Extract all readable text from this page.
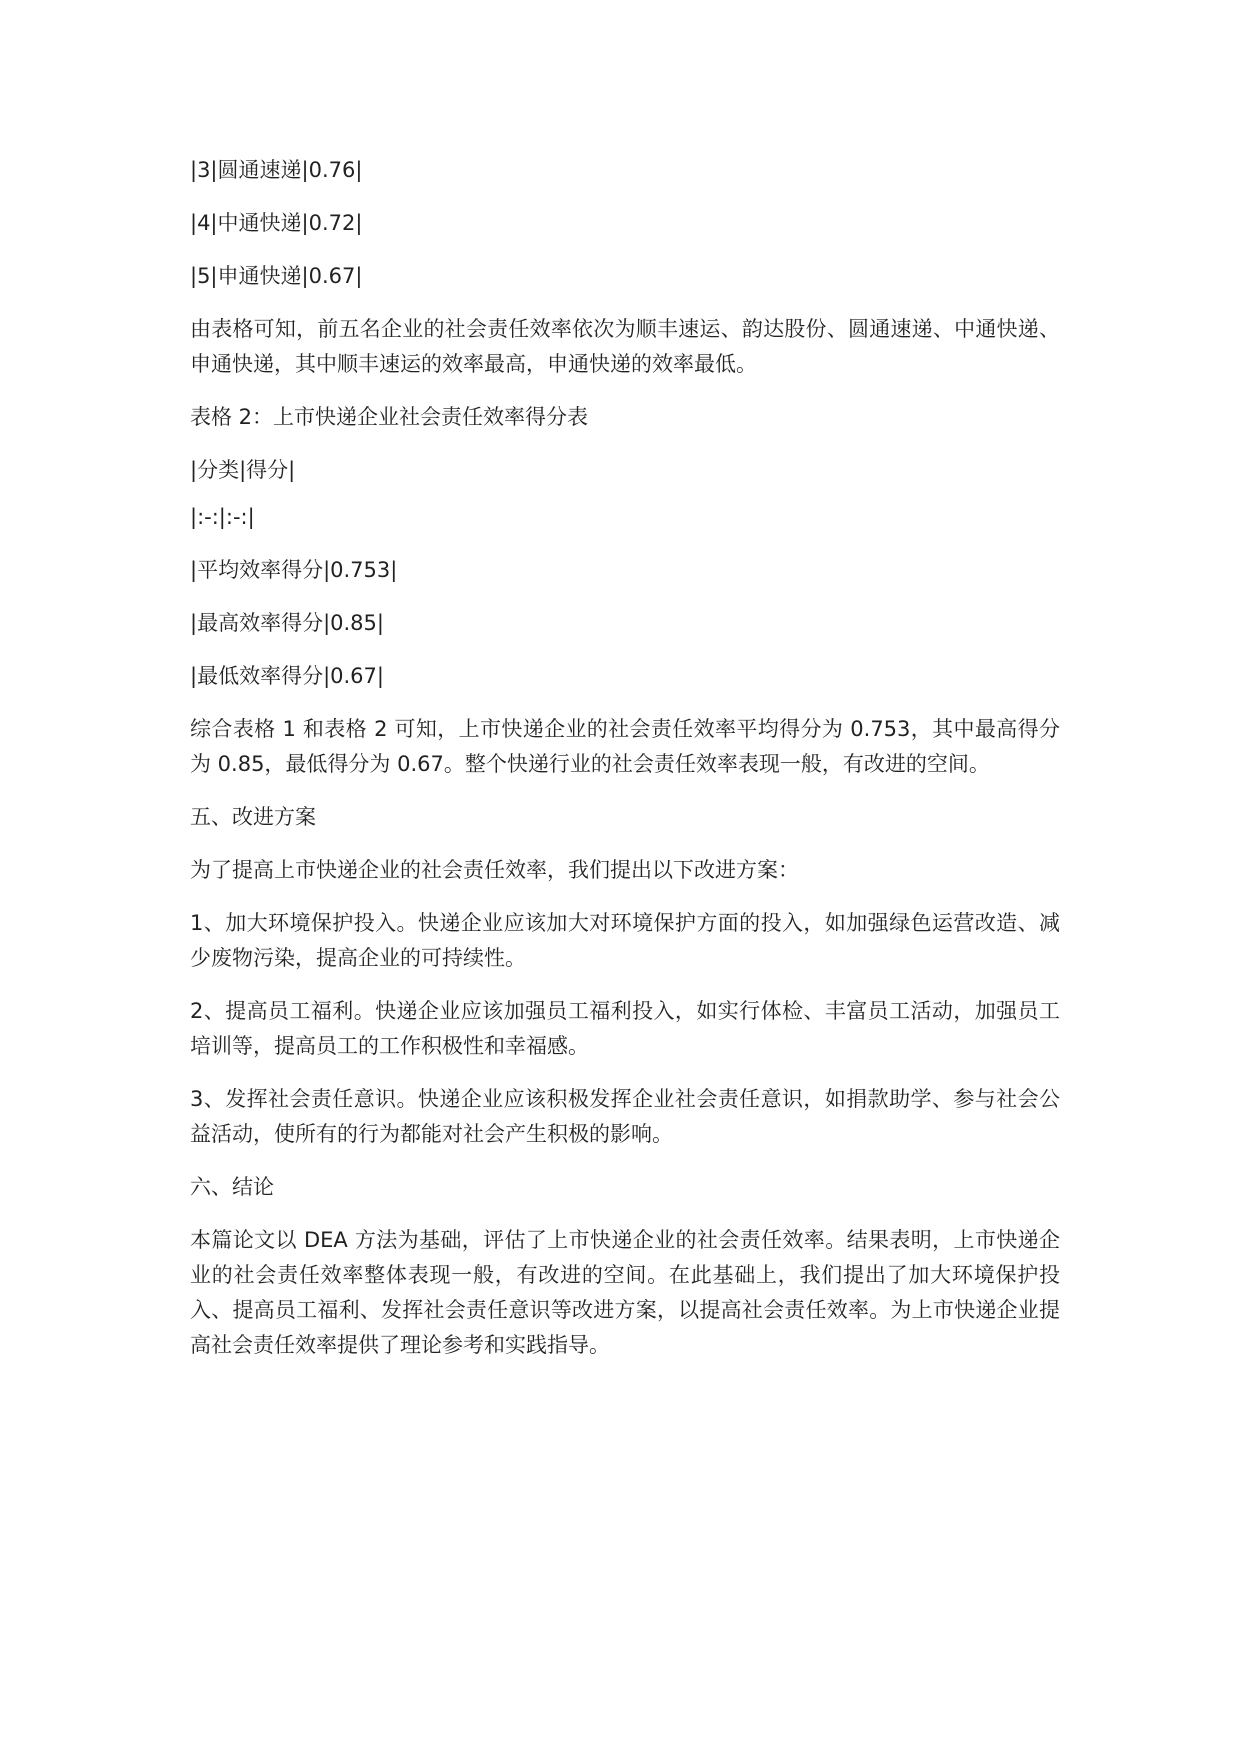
|3|圆通速递|0.76|

|4|中通快递|0.72|

|5|申通快递|0.67|

由表格可知，前五名企业的社会责任效率依次为顺丰速运、韵达股份、圆通速递、中通快递、申通快递，其中顺丰速运的效率最高，申通快递的效率最低。

表格 2：上市快递企业社会责任效率得分表

|分类|得分|

|:-:|:-:|

|平均效率得分|0.753|

|最高效率得分|0.85|

|最低效率得分|0.67|

综合表格 1 和表格 2 可知，上市快递企业的社会责任效率平均得分为 0.753，其中最高得分为 0.85，最低得分为 0.67。整个快递行业的社会责任效率表现一般，有改进的空间。

五、改进方案

为了提高上市快递企业的社会责任效率，我们提出以下改进方案：

1、加大环境保护投入。快递企业应该加大对环境保护方面的投入，如加强绿色运营改造、减少废物污染，提高企业的可持续性。

2、提高员工福利。快递企业应该加强员工福利投入，如实行体检、丰富员工活动，加强员工培训等，提高员工的工作积极性和幸福感。

3、发挥社会责任意识。快递企业应该积极发挥企业社会责任意识，如捐款助学、参与社会公益活动，使所有的行为都能对社会产生积极的影响。

六、结论

本篇论文以 DEA 方法为基础，评估了上市快递企业的社会责任效率。结果表明，上市快递企业的社会责任效率整体表现一般，有改进的空间。在此基础上，我们提出了加大环境保护投入、提高员工福利、发挥社会责任意识等改进方案，以提高社会责任效率。为上市快递企业提高社会责任效率提供了理论参考和实践指导。
